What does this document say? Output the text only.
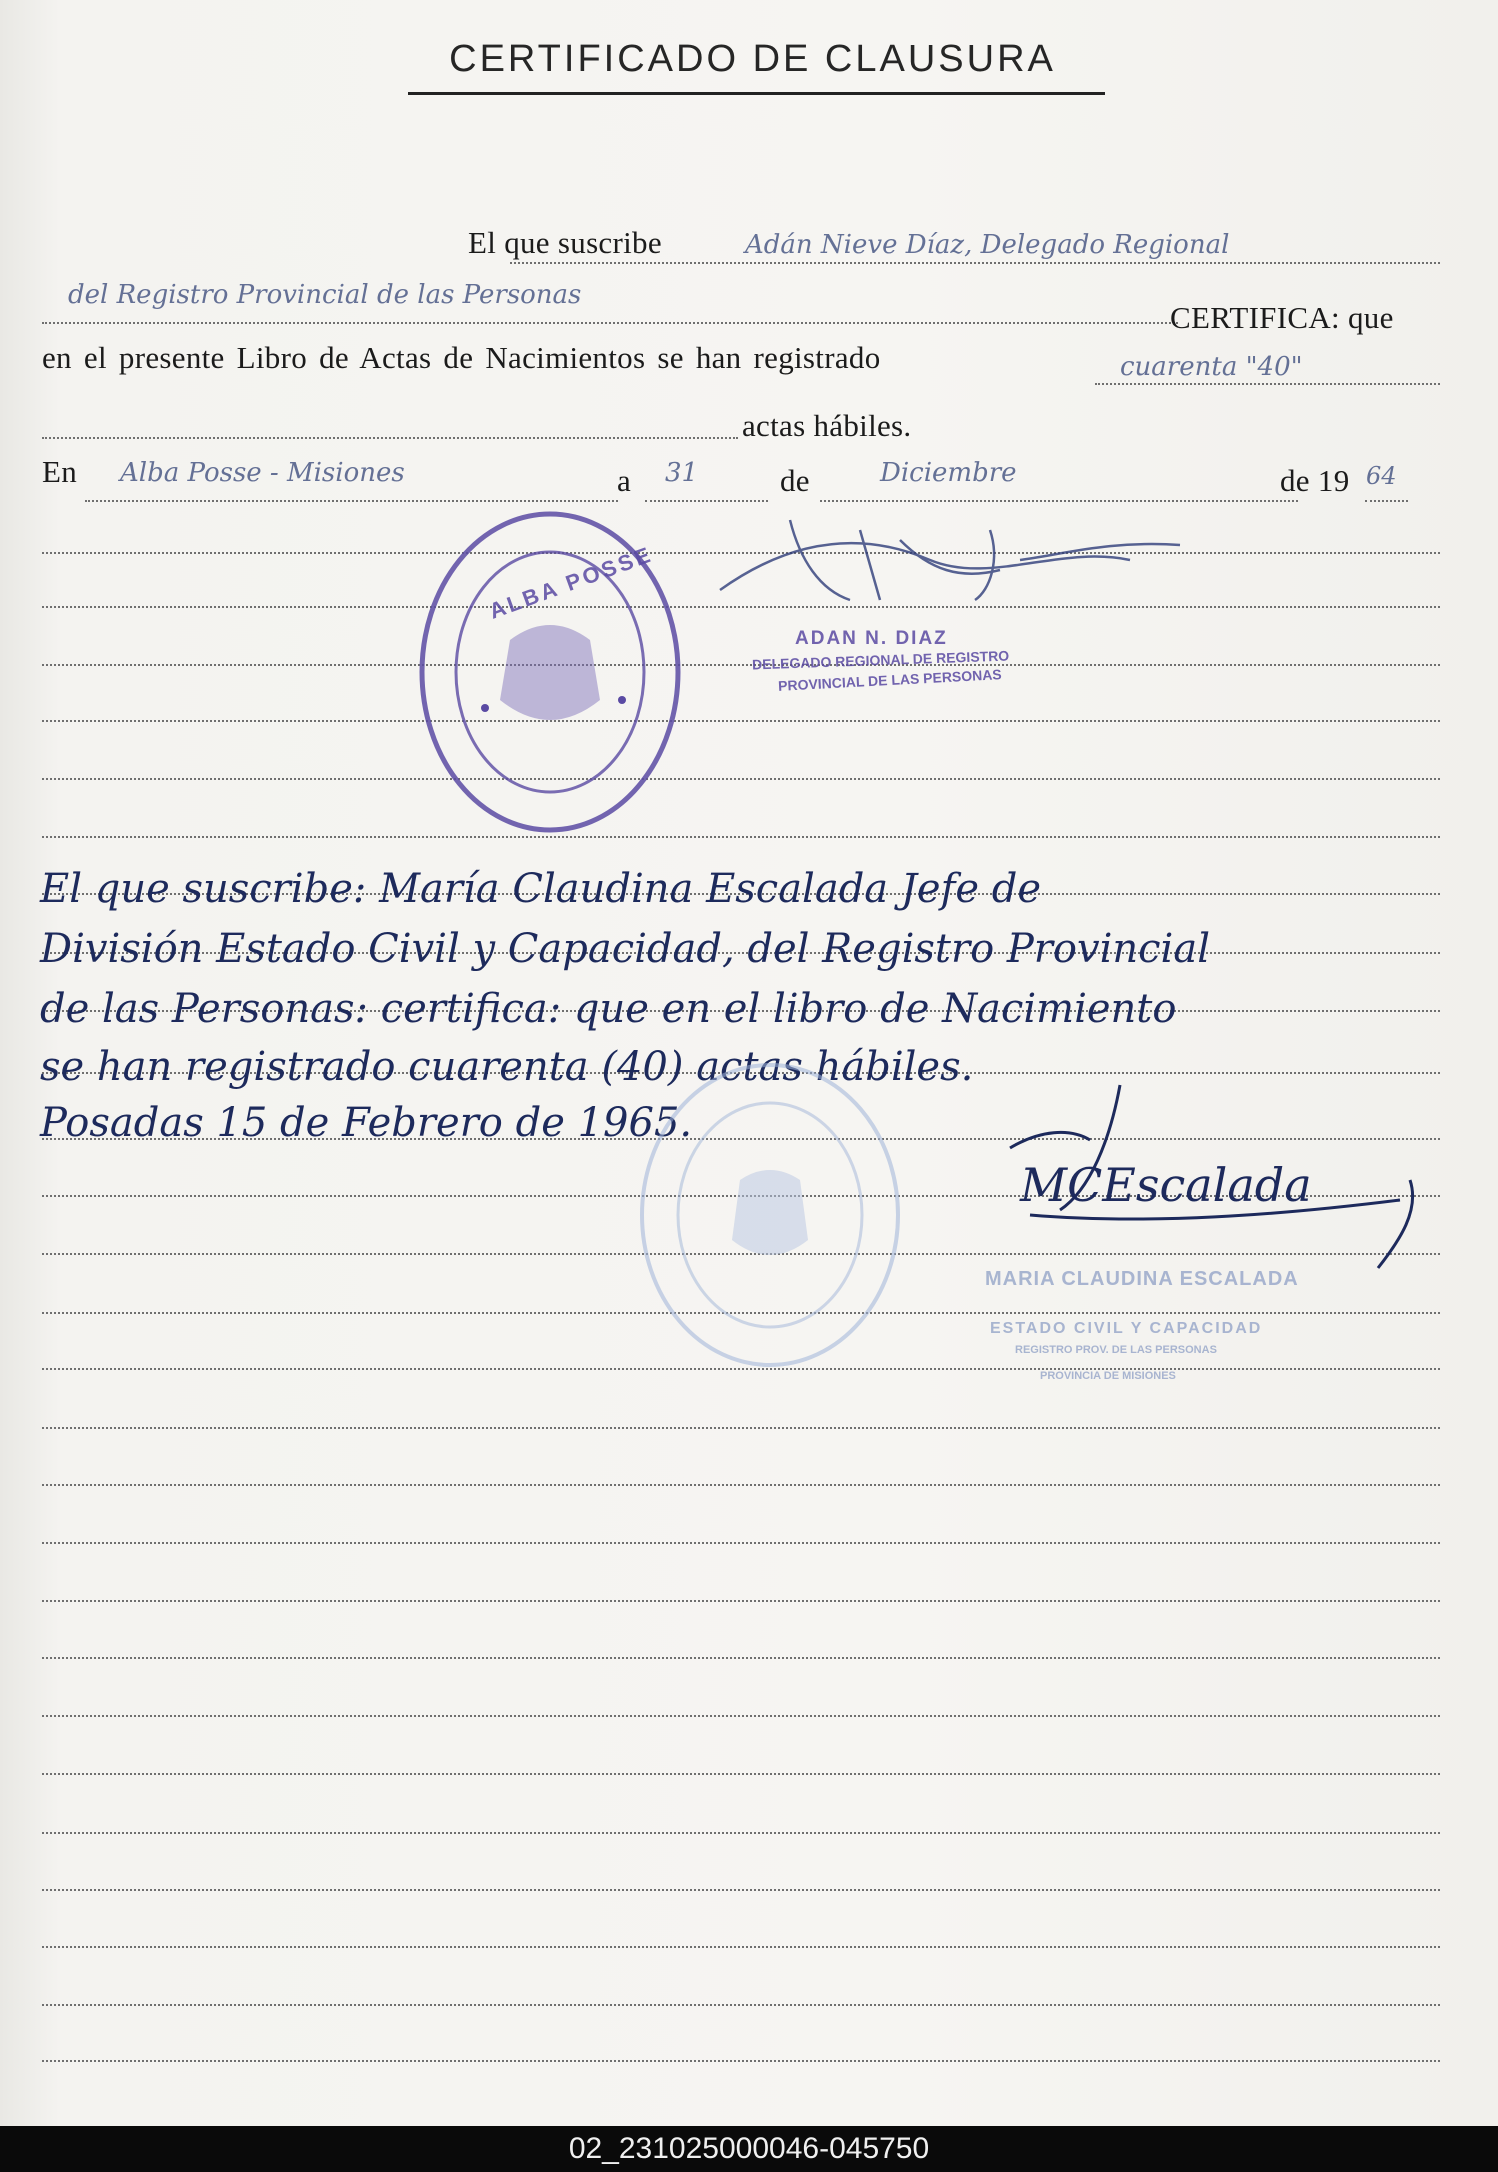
CERTIFICADO DE CLAUSURA
El que suscribe
CERTIFICA: que
en el presente Libro de Actas de Nacimientos se han registrado
actas hábiles.
En	a	de	de 19
Adán Nieve Díaz, Delegado Regional
del Registro Provincial de las Personas
cuarenta "40"
Alba Posse - Misiones	31	Diciembre	64
ADAN N. DIAZ
DELEGADO REGIONAL DE REGISTRO
PROVINCIAL DE LAS PERSONAS
ALBA POSSE
El que suscribe: María Claudina Escalada Jefe de
División Estado Civil y Capacidad, del Registro Provincial
de las Personas: certifica: que en el libro de Nacimiento
se han registrado cuarenta (40) actas hábiles.
Posadas 15 de Febrero de 1965.
MCEscalada
MARIA CLAUDINA ESCALADA
ESTADO CIVIL Y CAPACIDAD
REGISTRO PROV. DE LAS PERSONAS
PROVINCIA DE MISIONES
02_231025000046-045750
